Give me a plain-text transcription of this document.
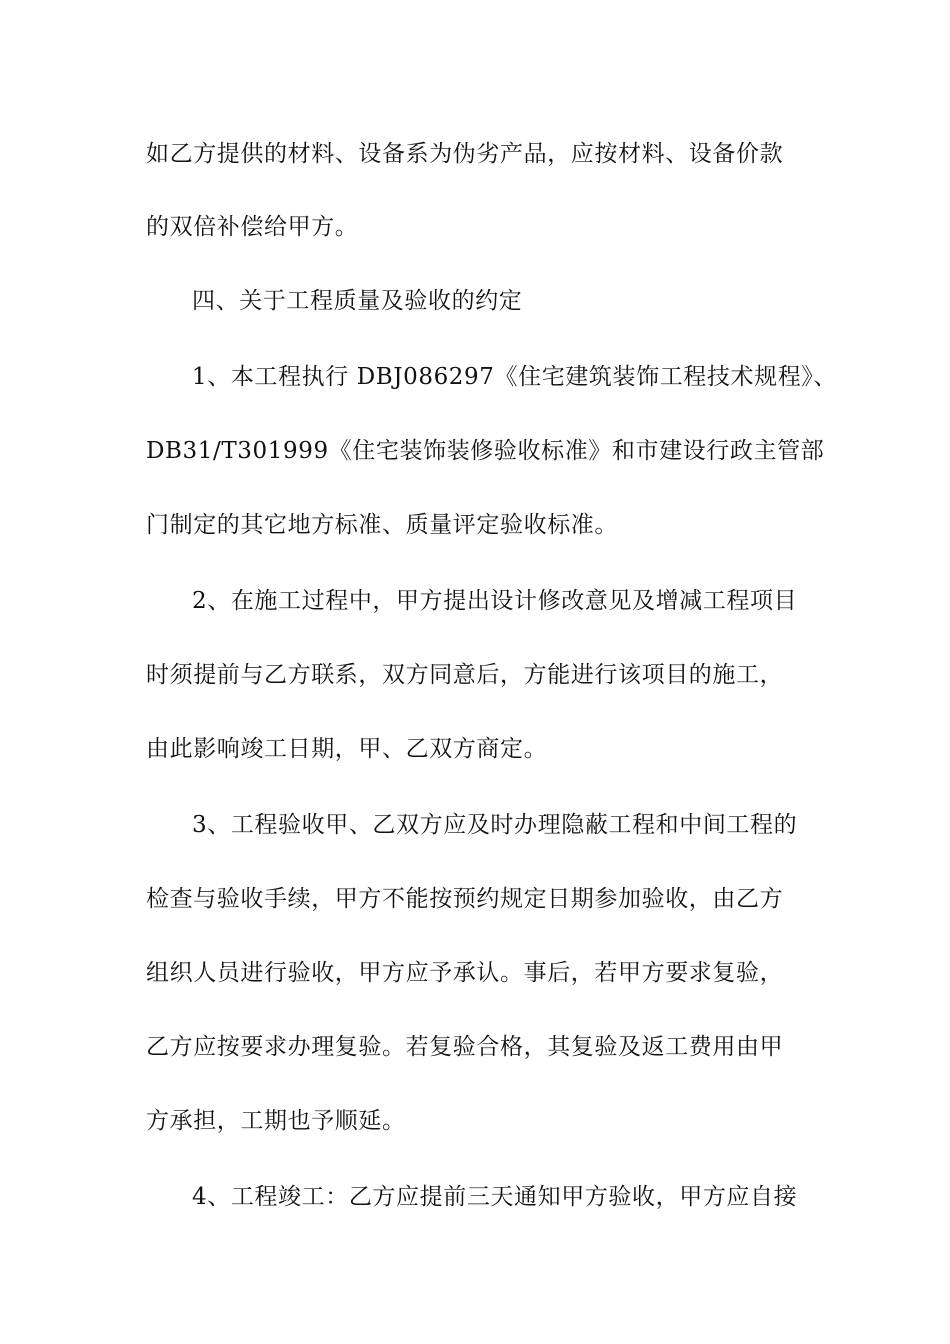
如乙方提供的材料、设备系为伪劣产品，应按材料、设备价款
的双倍补偿给甲方。
四、关于工程质量及验收的约定
1、本工程执行 DBJ086297《住宅建筑装饰工程技术规程》、
DB31/T301999《住宅装饰装修验收标准》和市建设行政主管部
门制定的其它地方标准、质量评定验收标准。
2、在施工过程中，甲方提出设计修改意见及增减工程项目
时须提前与乙方联系，双方同意后，方能进行该项目的施工，
由此影响竣工日期，甲、乙双方商定。
3、工程验收甲、乙双方应及时办理隐蔽工程和中间工程的
检查与验收手续，甲方不能按预约规定日期参加验收，由乙方
组织人员进行验收，甲方应予承认。事后，若甲方要求复验，
乙方应按要求办理复验。若复验合格，其复验及返工费用由甲
方承担，工期也予顺延。
4、工程竣工：乙方应提前三天通知甲方验收，甲方应自接
